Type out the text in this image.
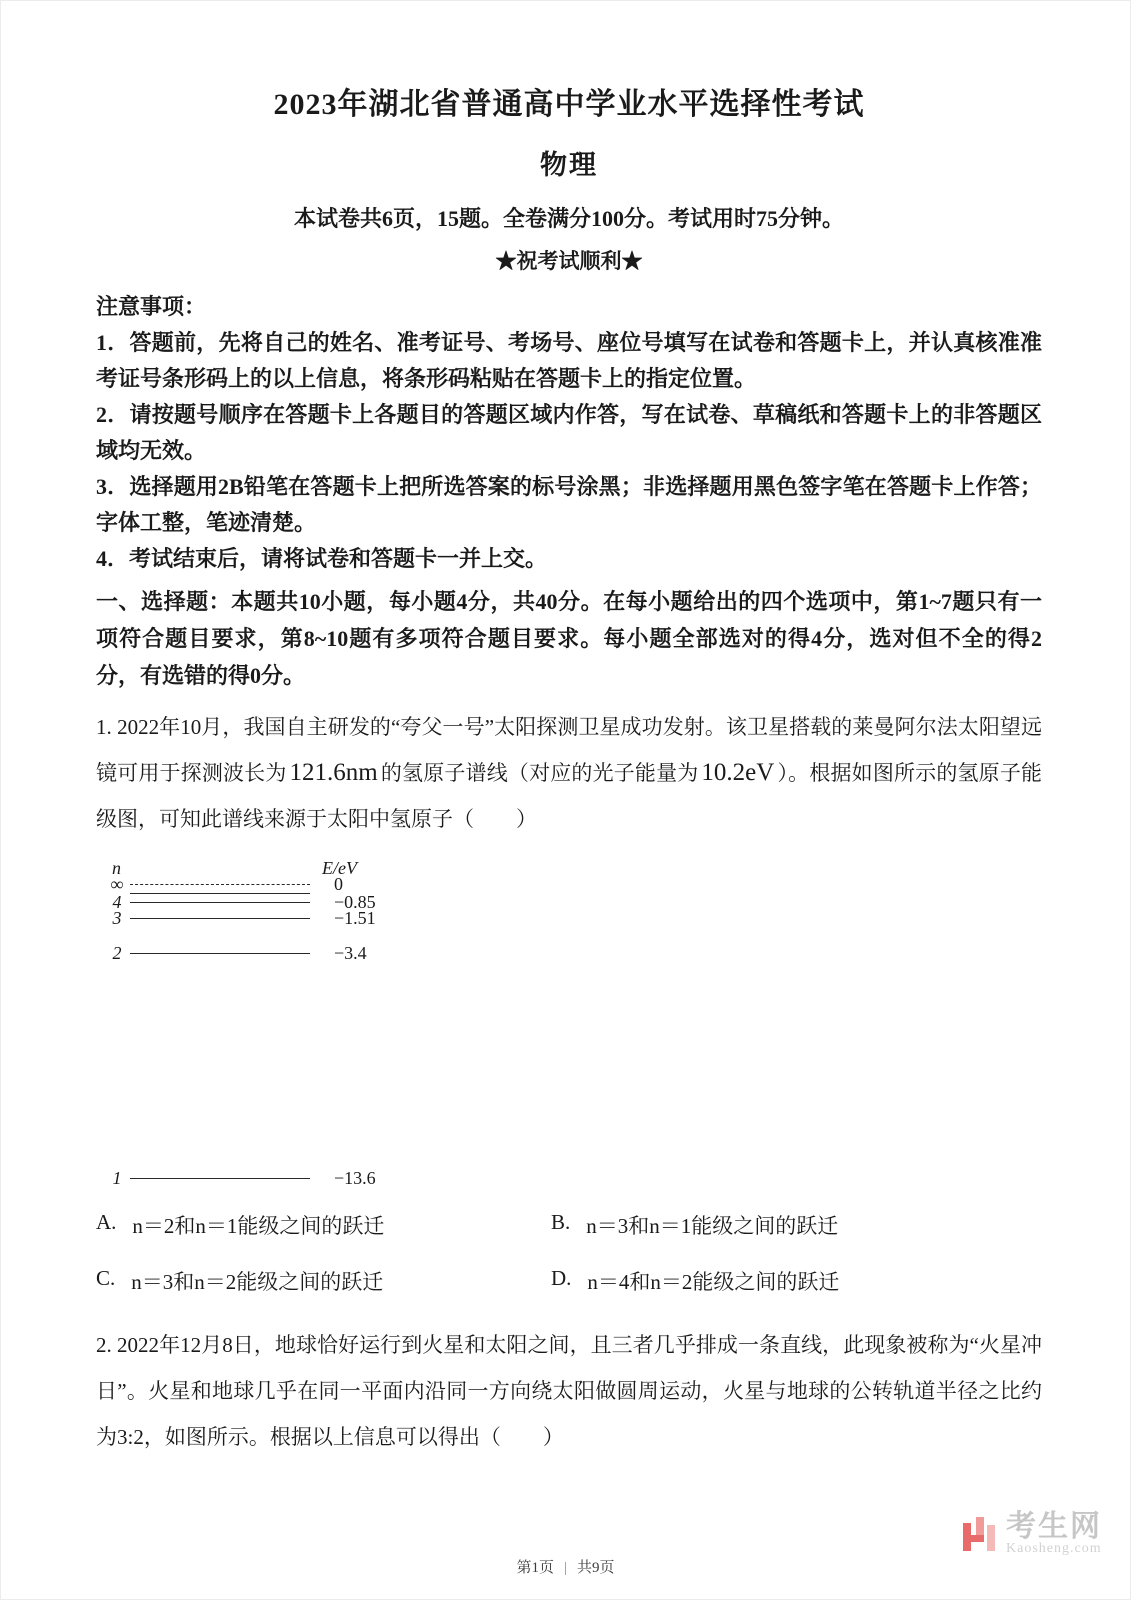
2023年湖北省普通高中学业水平选择性考试
物理

本试卷共6页，15题。全卷满分100分。考试用时75分钟。

★祝考试顺利★

注意事项：

1．答题前，先将自己的姓名、准考证号、考场号、座位号填写在试卷和答题卡上，并认真核准准考证号条形码上的以上信息，将条形码粘贴在答题卡上的指定位置。

2．请按题号顺序在答题卡上各题目的答题区域内作答，写在试卷、草稿纸和答题卡上的非答题区域均无效。

3．选择题用2B铅笔在答题卡上把所选答案的标号涂黑；非选择题用黑色签字笔在答题卡上作答；字体工整，笔迹清楚。

4．考试结束后，请将试卷和答题卡一并上交。

一、选择题：本题共10小题，每小题4分，共40分。在每小题给出的四个选项中，第1~7题只有一项符合题目要求，第8~10题有多项符合题目要求。每小题全部选对的得4分，选对但不全的得2分，有选错的得0分。

1. 2022年10月，我国自主研发的“夸父一号”太阳探测卫星成功发射。该卫星搭载的莱曼阿尔法太阳望远镜可用于探测波长为 121.6nm 的氢原子谱线（对应的光子能量为 10.2eV ）。根据如图所示的氢原子能级图，可知此谱线来源于太阳中氢原子（　　）

n	E/eV
∞	0
4	−0.85
3	−1.51
2	−3.4
1	−13.6
A. n＝2和n＝1能级之间的跃迁	B. n＝3和n＝1能级之间的跃迁
C. n＝3和n＝2能级之间的跃迁	D. n＝4和n＝2能级之间的跃迁

2. 2022年12月8日，地球恰好运行到火星和太阳之间，且三者几乎排成一条直线，此现象被称为“火星冲日”。火星和地球几乎在同一平面内沿同一方向绕太阳做圆周运动，火星与地球的公转轨道半径之比约为3:2，如图所示。根据以上信息可以得出（　　）

考生网
Kaosheng.com
第1页 | 共9页
